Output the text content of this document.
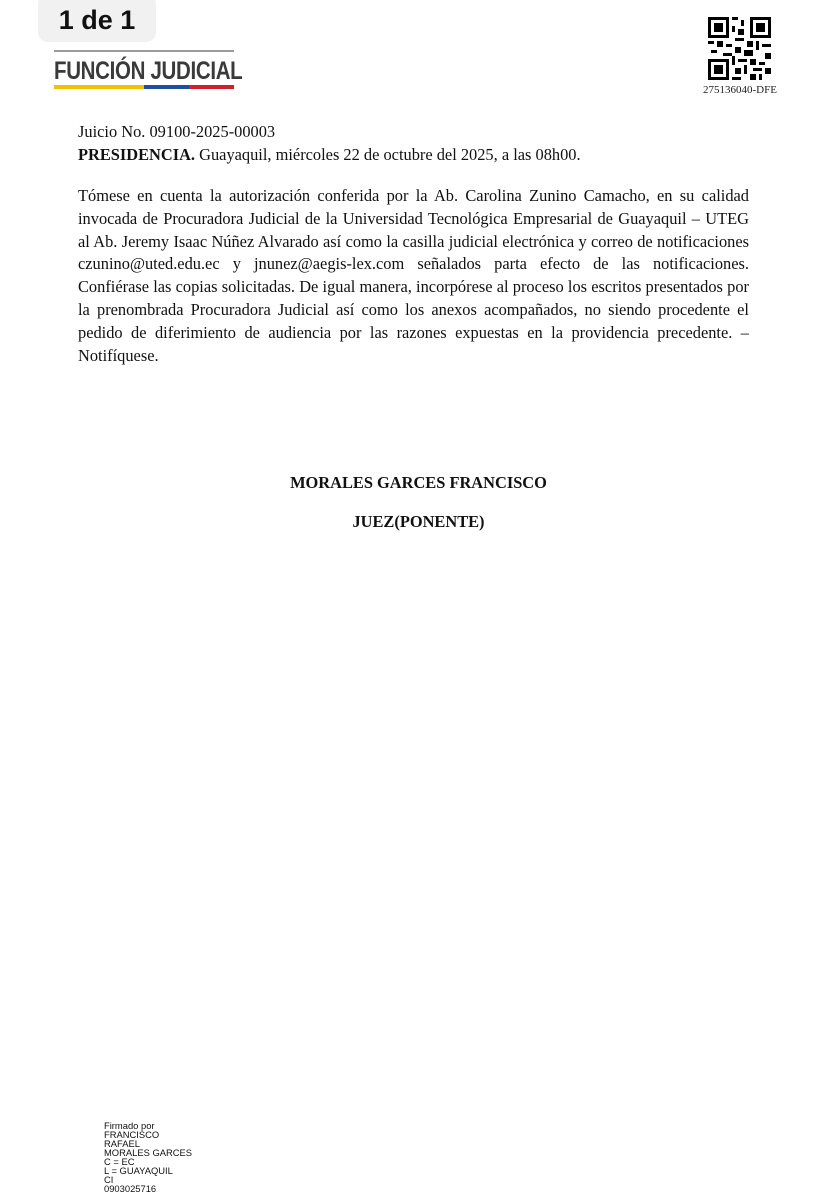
1 de 1
FUNCIÓN JUDICIAL
275136040-DFE
Juicio No. 09100-2025-00003
PRESIDENCIA. Guayaquil, miércoles 22 de octubre del 2025, a las 08h00.
Tómese en cuenta la autorización conferida por la Ab. Carolina Zunino Camacho, en su calidad invocada de Procuradora Judicial de la Universidad Tecnológica Empresarial de Guayaquil – UTEG al Ab. Jeremy Isaac Núñez Alvarado así como la casilla judicial electrónica y correo de notificaciones czunino@uted.edu.ec y jnunez@aegis-lex.com señalados parta efecto de las notificaciones. Confiérase las copias solicitadas. De igual manera, incorpórese al proceso los escritos presentados por la prenombrada Procuradora Judicial así como los anexos acompañados, no siendo procedente el pedido de diferimiento de audiencia por las razones expuestas en la providencia precedente. – Notifíquese.
MORALES GARCES FRANCISCO
JUEZ(PONENTE)
Firmado por
FRANCISCO
RAFAEL
MORALES GARCES
C = EC
L = GUAYAQUIL
CI
0903025716
